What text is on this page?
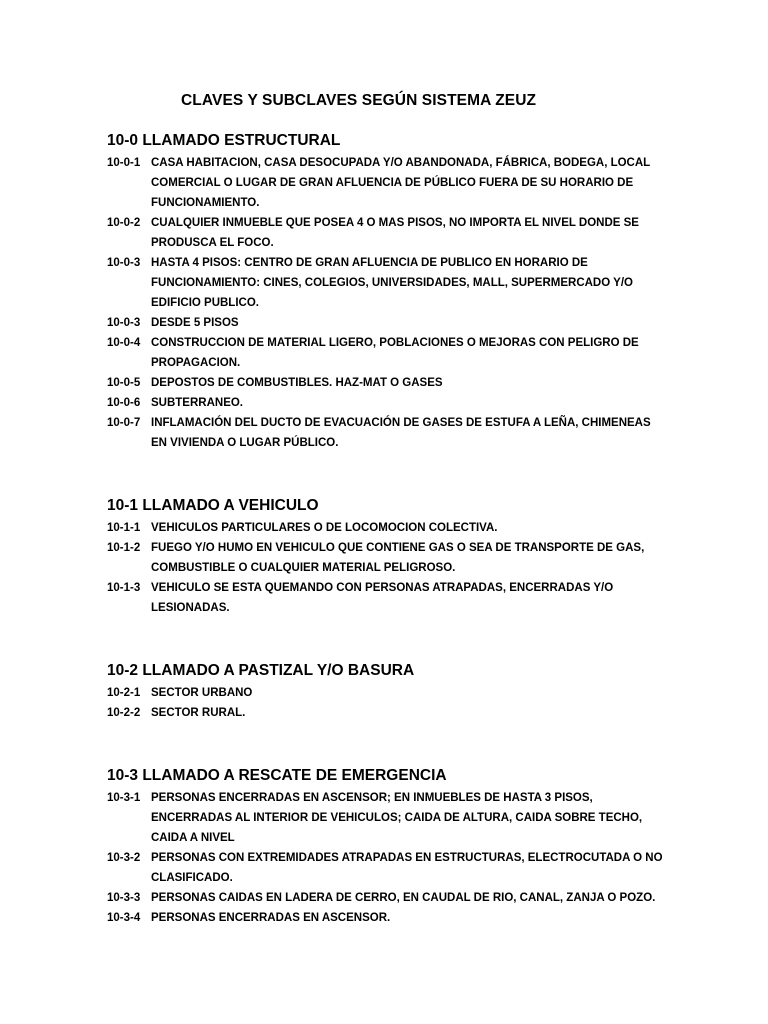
CLAVES Y SUBCLAVES SEGÚN SISTEMA ZEUZ
10-0 LLAMADO ESTRUCTURAL
10-0-1 CASA HABITACION, CASA DESOCUPADA Y/O ABANDONADA, FÁBRICA, BODEGA, LOCAL
COMERCIAL O LUGAR DE GRAN AFLUENCIA DE PÚBLICO FUERA DE SU HORARIO DE
FUNCIONAMIENTO.
10-0-2 CUALQUIER INMUEBLE QUE POSEA 4 O MAS PISOS, NO IMPORTA EL NIVEL DONDE SE
PRODUSCA EL FOCO.
10-0-3 HASTA 4 PISOS: CENTRO DE GRAN AFLUENCIA DE PUBLICO EN HORARIO DE
FUNCIONAMIENTO: CINES, COLEGIOS, UNIVERSIDADES, MALL, SUPERMERCADO Y/O
EDIFICIO PUBLICO.
10-0-3 DESDE 5 PISOS
10-0-4 CONSTRUCCION DE MATERIAL LIGERO, POBLACIONES O MEJORAS CON PELIGRO DE
PROPAGACION.
10-0-5 DEPOSTOS DE COMBUSTIBLES. HAZ-MAT O GASES
10-0-6 SUBTERRANEO.
10-0-7 INFLAMACIÓN DEL DUCTO DE EVACUACIÓN DE GASES DE ESTUFA A LEÑA, CHIMENEAS
EN VIVIENDA O LUGAR PÚBLICO.
10-1 LLAMADO A VEHICULO
10-1-1 VEHICULOS PARTICULARES O DE LOCOMOCION COLECTIVA.
10-1-2 FUEGO Y/O HUMO EN VEHICULO QUE CONTIENE GAS O SEA DE TRANSPORTE DE GAS,
COMBUSTIBLE O CUALQUIER MATERIAL PELIGROSO.
10-1-3 VEHICULO SE ESTA QUEMANDO CON PERSONAS ATRAPADAS, ENCERRADAS Y/O
LESIONADAS.
10-2 LLAMADO A PASTIZAL Y/O BASURA
10-2-1 SECTOR URBANO
10-2-2 SECTOR RURAL.
10-3 LLAMADO A RESCATE DE EMERGENCIA
10-3-1 PERSONAS ENCERRADAS EN ASCENSOR; EN INMUEBLES DE HASTA 3 PISOS,
ENCERRADAS AL INTERIOR DE VEHICULOS; CAIDA DE ALTURA, CAIDA SOBRE TECHO,
CAIDA A NIVEL
10-3-2 PERSONAS CON EXTREMIDADES ATRAPADAS EN ESTRUCTURAS, ELECTROCUTADA O NO
CLASIFICADO.
10-3-3 PERSONAS CAIDAS EN LADERA DE CERRO, EN CAUDAL DE RIO, CANAL, ZANJA O POZO.
10-3-4 PERSONAS ENCERRADAS EN ASCENSOR.
